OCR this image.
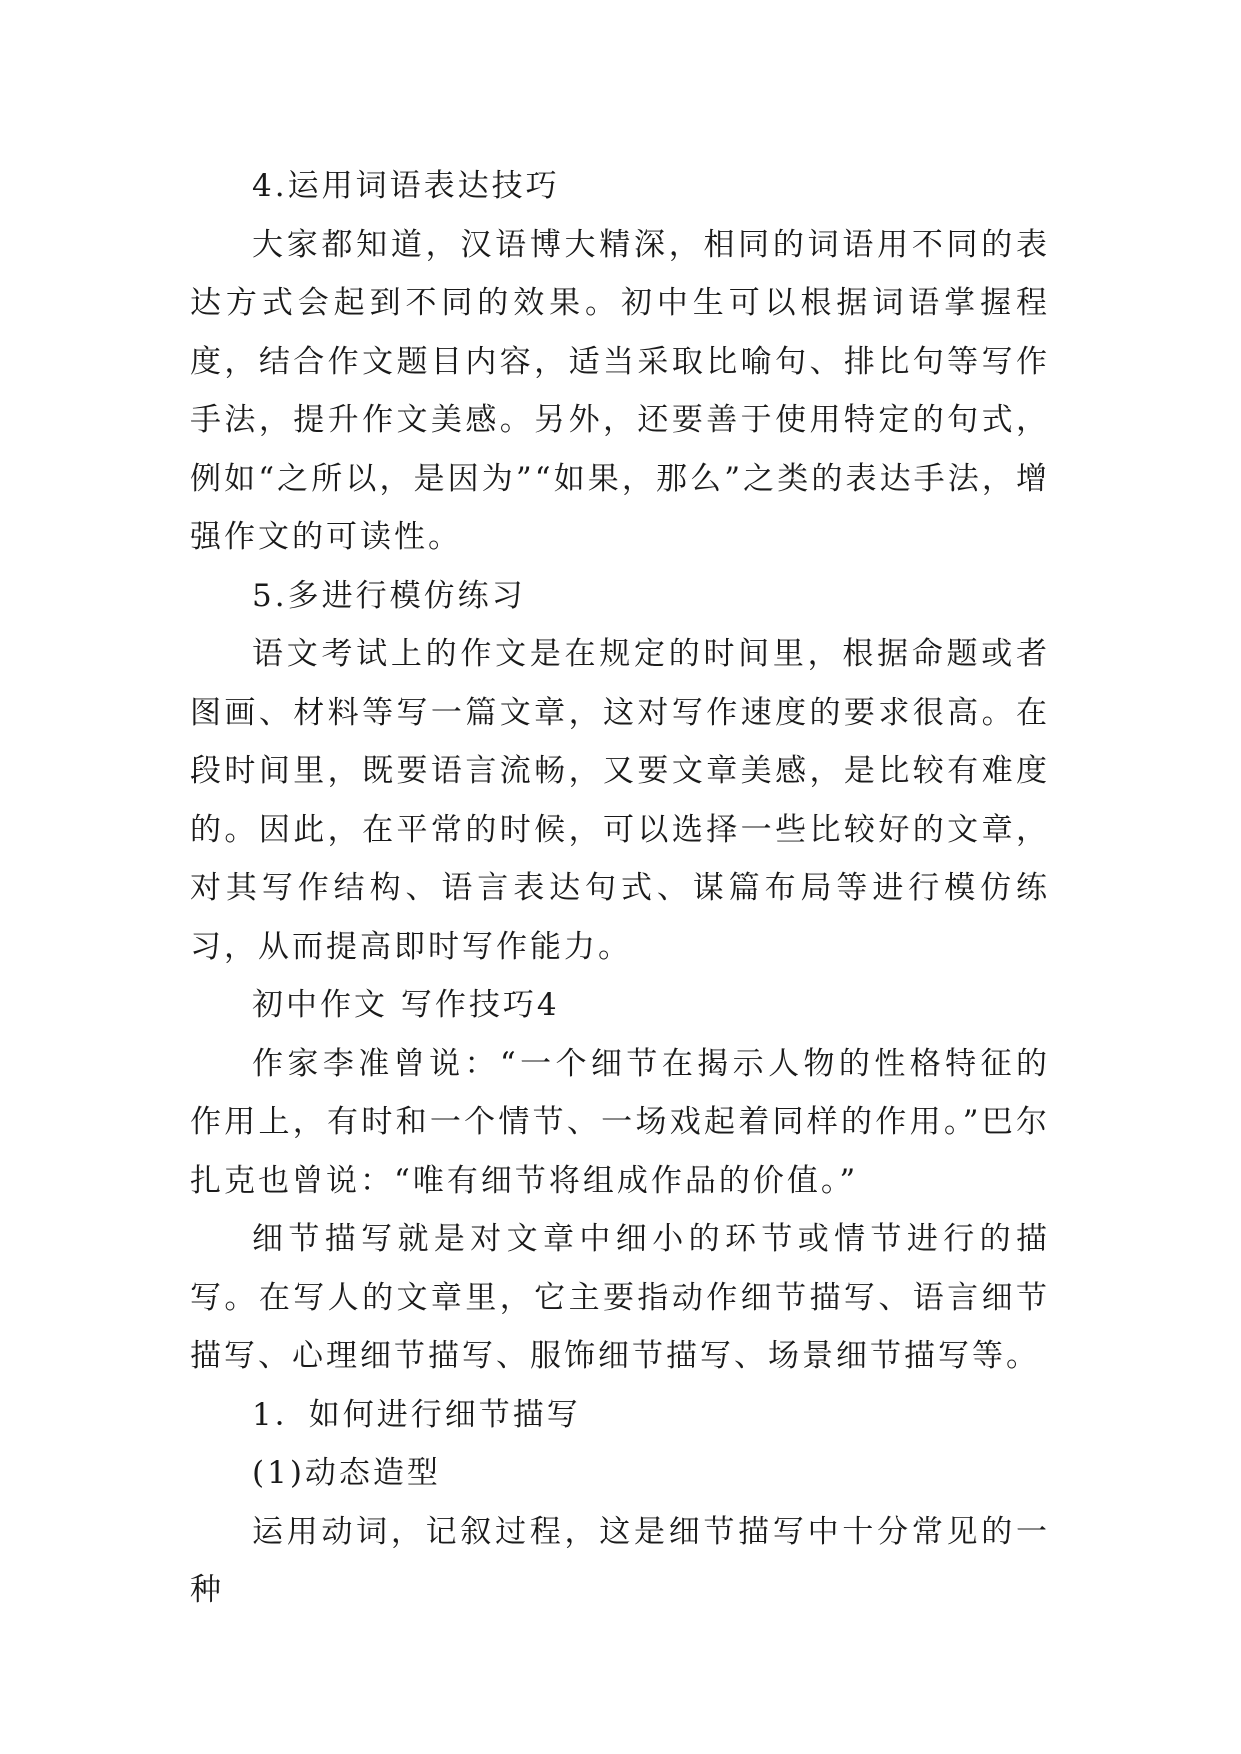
4.运用词语表达技巧

大家都知道，汉语博大精深，相同的词语用不同的表达方式会起到不同的效果。初中生可以根据词语掌握程度，结合作文题目内容，适当采取比喻句、排比句等写作手法，提升作文美感。另外，还要善于使用特定的句式，例如“之所以，是因为”“如果，那么”之类的表达手法，增强作文的可读性。

5.多进行模仿练习

语文考试上的作文是在规定的时间里，根据命题或者图画、材料等写一篇文章，这对写作速度的要求很高。在段时间里，既要语言流畅，又要文章美感，是比较有难度的。因此，在平常的时候，可以选择一些比较好的文章，对其写作结构、语言表达句式、谋篇布局等进行模仿练习，从而提高即时写作能力。

初中作文 写作技巧4

作家李准曾说：“一个细节在揭示人物的性格特征的作用上，有时和一个情节、一场戏起着同样的作用。”巴尔扎克也曾说：“唯有细节将组成作品的价值。”

细节描写就是对文章中细小的环节或情节进行的描写。在写人的文章里，它主要指动作细节描写、语言细节描写、心理细节描写、服饰细节描写、场景细节描写等。

1．如何进行细节描写

(1)动态造型

运用动词，记叙过程，这是细节描写中十分常见的一种
